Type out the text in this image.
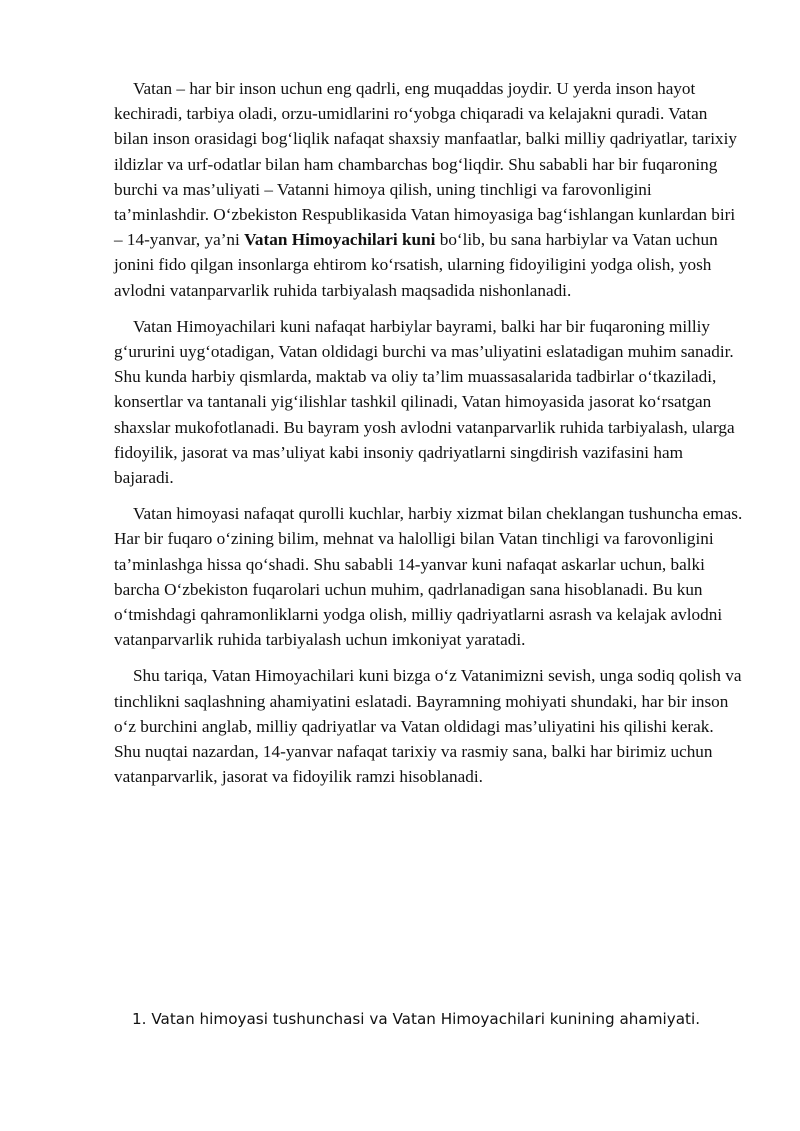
Vatan – har bir inson uchun eng qadrli, eng muqaddas joydir. U yerda inson hayot kechiradi, tarbiya oladi, orzu-umidlarini ro‘yobga chiqaradi va kelajakni quradi. Vatan bilan inson orasidagi bog‘liqlik nafaqat shaxsiy manfaatlar, balki milliy qadriyatlar, tarixiy ildizlar va urf-odatlar bilan ham chambarchas bog‘liqdir. Shu sababli har bir fuqaroning burchi va mas’uliyati – Vatanni himoya qilish, uning tinchligi va farovonligini ta’minlashdir. O‘zbekiston Respublikasida Vatan himoyasiga bag‘ishlangan kunlardan biri – 14-yanvar, ya’ni Vatan Himoyachilari kuni bo‘lib, bu sana harbiylar va Vatan uchun jonini fido qilgan insonlarga ehtirom ko‘rsatish, ularning fidoyiligini yodga olish, yosh avlodni vatanparvarlik ruhida tarbiyalash maqsadida nishonlanadi.

Vatan Himoyachilari kuni nafaqat harbiylar bayrami, balki har bir fuqaroning milliy g‘ururini uyg‘otadigan, Vatan oldidagi burchi va mas’uliyatini eslatadigan muhim sanadir. Shu kunda harbiy qismlarda, maktab va oliy ta’lim muassasalarida tadbirlar o‘tkaziladi, konsertlar va tantanali yig‘ilishlar tashkil qilinadi, Vatan himoyasida jasorat ko‘rsatgan shaxslar mukofotlanadi. Bu bayram yosh avlodni vatanparvarlik ruhida tarbiyalash, ularga fidoyilik, jasorat va mas’uliyat kabi insoniy qadriyatlarni singdirish vazifasini ham bajaradi.

Vatan himoyasi nafaqat qurolli kuchlar, harbiy xizmat bilan cheklangan tushuncha emas. Har bir fuqaro o‘zining bilim, mehnat va halolligi bilan Vatan tinchligi va farovonligini ta’minlashga hissa qo‘shadi. Shu sababli 14-yanvar kuni nafaqat askarlar uchun, balki barcha O‘zbekiston fuqarolari uchun muhim, qadrlanadigan sana hisoblanadi. Bu kun o‘tmishdagi qahramonliklarni yodga olish, milliy qadriyatlarni asrash va kelajak avlodni vatanparvarlik ruhida tarbiyalash uchun imkoniyat yaratadi.

Shu tariqa, Vatan Himoyachilari kuni bizga o‘z Vatanimizni sevish, unga sodiq qolish va tinchlikni saqlashning ahamiyatini eslatadi. Bayramning mohiyati shundaki, har bir inson o‘z burchini anglab, milliy qadriyatlar va Vatan oldidagi mas’uliyatini his qilishi kerak. Shu nuqtai nazardan, 14-yanvar nafaqat tarixiy va rasmiy sana, balki har birimiz uchun vatanparvarlik, jasorat va fidoyilik ramzi hisoblanadi.

1. Vatan himoyasi tushunchasi va Vatan Himoyachilari kunining ahamiyati.
